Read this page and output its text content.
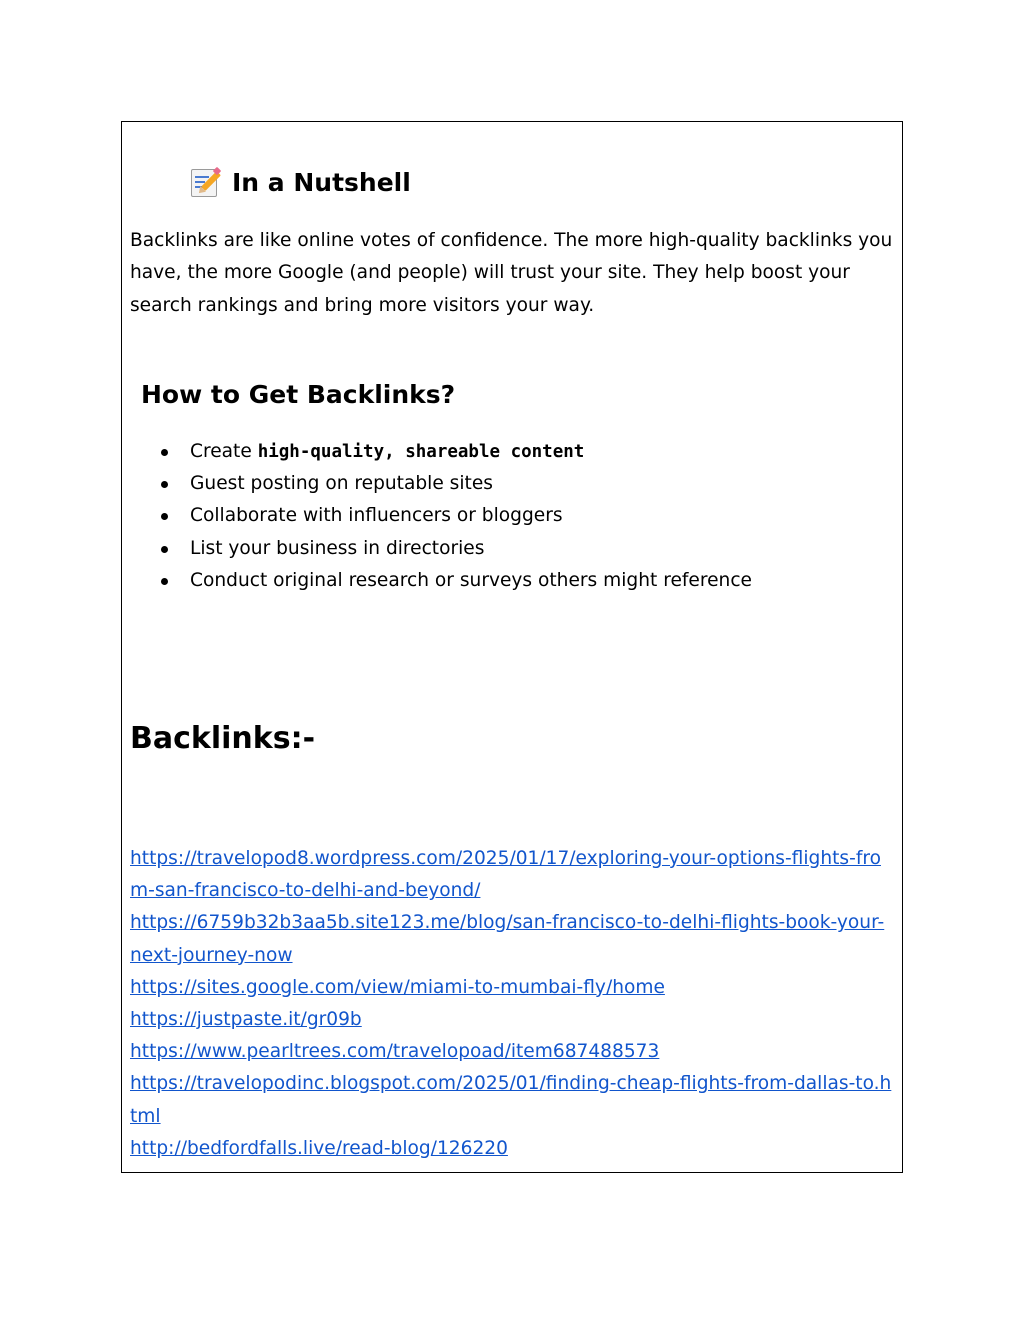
In a Nutshell

Backlinks are like online votes of confidence. The more high-quality backlinks you have, the more Google (and people) will trust your site. They help boost your search rankings and bring more visitors your way.

How to Get Backlinks?
Create high-quality, shareable content
Guest posting on reputable sites
Collaborate with influencers or bloggers
List your business in directories
Conduct original research or surveys others might reference
Backlinks:-
https://travelopod8.wordpress.com/2025/01/17/exploring-your-options-flights-from-san-francisco-to-delhi-and-beyond/
https://6759b32b3aa5b.site123.me/blog/san-francisco-to-delhi-flights-book-your-next-journey-now
https://sites.google.com/view/miami-to-mumbai-fly/home
https://justpaste.it/gr09b
https://www.pearltrees.com/travelopoad/item687488573
https://travelopodinc.blogspot.com/2025/01/finding-cheap-flights-from-dallas-to.html
http://bedfordfalls.live/read-blog/126220
